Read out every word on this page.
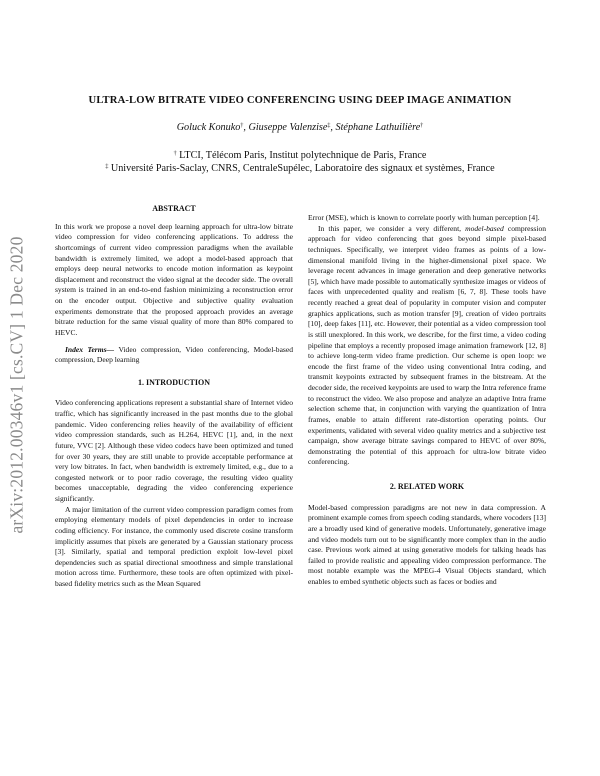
arXiv:2012.00346v1 [cs.CV] 1 Dec 2020
ULTRA-LOW BITRATE VIDEO CONFERENCING USING DEEP IMAGE ANIMATION
Goluck Konuko†, Giuseppe Valenzise‡, Stéphane Lathuilière†
† LTCI, Télécom Paris, Institut polytechnique de Paris, France
‡ Université Paris-Saclay, CNRS, CentraleSupélec, Laboratoire des signaux et systèmes, France
ABSTRACT

In this work we propose a novel deep learning approach for ultra-low bitrate video compression for video conferencing applications. To address the shortcomings of current video compression paradigms when the available bandwidth is extremely limited, we adopt a model-based approach that employs deep neural networks to encode motion information as keypoint displacement and reconstruct the video signal at the decoder side. The overall system is trained in an end-to-end fashion minimizing a reconstruction error on the encoder output. Objective and subjective quality evaluation experiments demonstrate that the proposed approach provides an average bitrate reduction for the same visual quality of more than 80% compared to HEVC.

Index Terms— Video compression, Video conferencing, Model-based compression, Deep learning

1. INTRODUCTION

Video conferencing applications represent a substantial share of Internet video traffic, which has significantly increased in the past months due to the global pandemic. Video conferencing relies heavily of the availability of efficient video compression standards, such as H.264, HEVC [1], and, in the next future, VVC [2]. Although these video codecs have been optimized and tuned for over 30 years, they are still unable to provide acceptable performance at very low bitrates. In fact, when bandwidth is extremely limited, e.g., due to a congested network or to poor radio coverage, the resulting video quality becomes unacceptable, degrading the video conferencing experience significantly.

A major limitation of the current video compression paradigm comes from employing elementary models of pixel dependencies in order to increase coding efficiency. For instance, the commonly used discrete cosine transform implicitly assumes that pixels are generated by a Gaussian stationary process [3]. Similarly, spatial and temporal prediction exploit low-level pixel dependencies such as spatial directional smoothness and simple translational motion across time. Furthermore, these tools are often optimized with pixel-based fidelity metrics such as the Mean Squared

Error (MSE), which is known to correlate poorly with human perception [4].

In this paper, we consider a very different, model-based compression approach for video conferencing that goes beyond simple pixel-based techniques. Specifically, we interpret video frames as points of a low-dimensional manifold living in the higher-dimensional pixel space. We leverage recent advances in image generation and deep generative networks [5], which have made possible to automatically synthesize images or videos of faces with unprecedented quality and realism [6, 7, 8]. These tools have recently reached a great deal of popularity in computer vision and computer graphics applications, such as motion transfer [9], creation of video portraits [10], deep fakes [11], etc. However, their potential as a video compression tool is still unexplored. In this work, we describe, for the first time, a video coding pipeline that employs a recently proposed image animation framework [12, 8] to achieve long-term video frame prediction. Our scheme is open loop: we encode the first frame of the video using conventional Intra coding, and transmit keypoints extracted by subsequent frames in the bitstream. At the decoder side, the received keypoints are used to warp the Intra reference frame to reconstruct the video. We also propose and analyze an adaptive Intra frame selection scheme that, in conjunction with varying the quantization of Intra frames, enable to attain different rate-distortion operating points. Our experiments, validated with several video quality metrics and a subjective test campaign, show average bitrate savings compared to HEVC of over 80%, demonstrating the potential of this approach for ultra-low bitrate video conferencing.

2. RELATED WORK

Model-based compression paradigms are not new in data compression. A prominent example comes from speech coding standards, where vocoders [13] are a broadly used kind of generative models. Unfortunately, generative image and video models turn out to be significantly more complex than in the audio case. Previous work aimed at using generative models for talking heads has failed to provide realistic and appealing video compression performance. The most notable example was the MPEG-4 Visual Objects standard, which enables to embed synthetic objects such as faces or bodies and
